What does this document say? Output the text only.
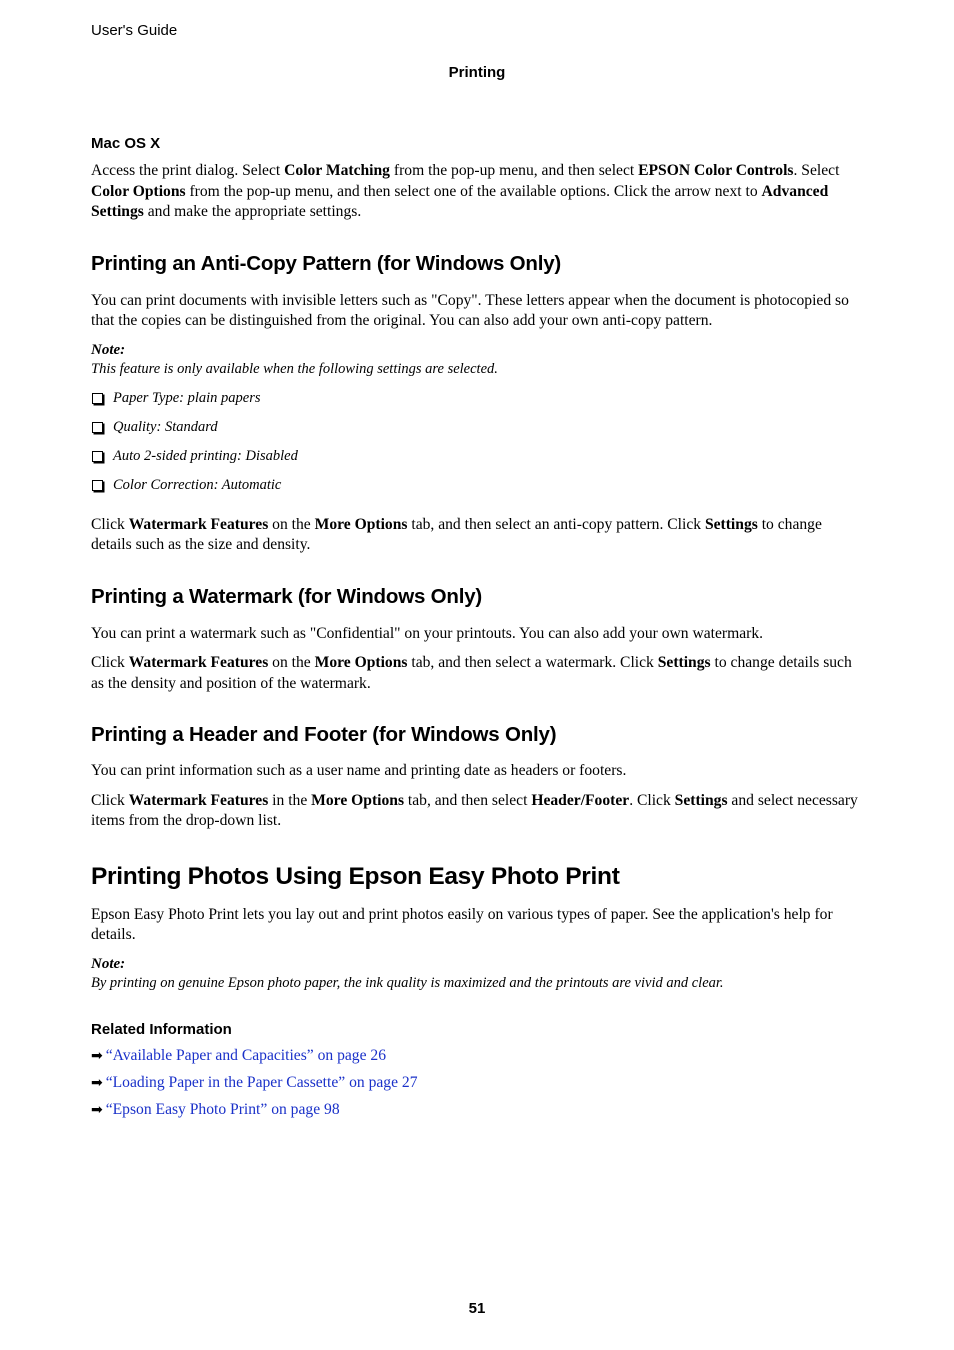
User's Guide
Printing
Mac OS X

Access the print dialog. Select Color Matching from the pop-up menu, and then select EPSON Color Controls. Select Color Options from the pop-up menu, and then select one of the available options. Click the arrow next to Advanced Settings and make the appropriate settings.

Printing an Anti-Copy Pattern (for Windows Only)

You can print documents with invisible letters such as "Copy". These letters appear when the document is photocopied so that the copies can be distinguished from the original. You can also add your own anti-copy pattern.

Note:

This feature is only available when the following settings are selected.

Paper Type: plain papers
Quality: Standard
Auto 2-sided printing: Disabled
Color Correction: Automatic

Click Watermark Features on the More Options tab, and then select an anti-copy pattern. Click Settings to change details such as the size and density.

Printing a Watermark (for Windows Only)

You can print a watermark such as "Confidential" on your printouts. You can also add your own watermark.

Click Watermark Features on the More Options tab, and then select a watermark. Click Settings to change details such as the density and position of the watermark.

Printing a Header and Footer (for Windows Only)

You can print information such as a user name and printing date as headers or footers.

Click Watermark Features in the More Options tab, and then select Header/Footer. Click Settings and select necessary items from the drop-down list.

Printing Photos Using Epson Easy Photo Print

Epson Easy Photo Print lets you lay out and print photos easily on various types of paper. See the application's help for details.

Note:

By printing on genuine Epson photo paper, the ink quality is maximized and the printouts are vivid and clear.

Related Information
➡ “Available Paper and Capacities” on page 26
➡ “Loading Paper in the Paper Cassette” on page 27
➡ “Epson Easy Photo Print” on page 98
51
